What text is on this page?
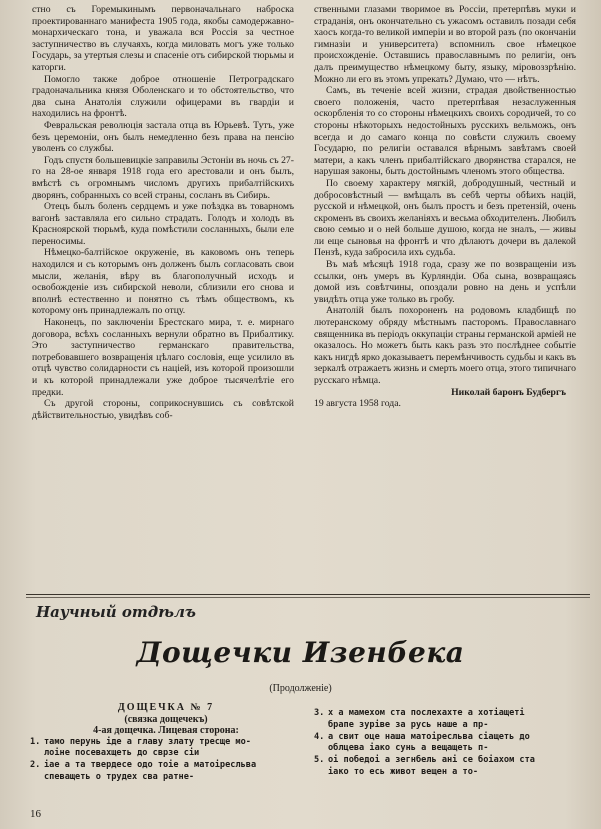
стно съ Горемыкинымъ первоначальнаго наброска проектированнаго манифеста 1905 года, якобы самодержавно-монархическаго тона, и уважала вся Россія за честное заступничество въ случаяхъ, когда миловать могъ уже только Государь, за утертыя слезы и спасеніе отъ сибирской тюрьмы и каторги.

Помогло также доброе отношеніе Петроградскаго градоначальника князя Оболенскаго и то обстоятельство, что два сына Анатолія служили офицерами въ гвардіи и находились на фронтѣ.

Февральская революція застала отца въ Юрьевѣ. Тутъ, уже безъ церемоніи, онъ былъ немедленно безъ права на пенсію уволенъ со службы.

Годъ спустя большевицкіе заправилы Эстоніи въ ночь съ 27-го на 28-ое января 1918 года его арестовали и онъ былъ, вмѣстѣ съ огромнымъ числомъ другихъ прибалтійскихъ дворянъ, собранныхъ со всей страны, сосланъ въ Сибирь.

Отецъ былъ боленъ сердцемъ и уже поѣздка въ товарномъ вагонѣ заставляла его сильно страдать. Голодъ и холодъ въ Красноярской тюрьмѣ, куда помѣстили сосланныхъ, были еле переносимы.

Нѣмецко-балтійское окруженіе, въ каковомъ онъ теперь находился и съ которымъ онъ долженъ былъ согласовать свои мысли, желанія, вѣру въ благополучный исходъ и освобожденіе изъ сибирской неволи, сблизили его снова и вполнѣ естественно и понятно съ тѣмъ обществомъ, къ которому онъ принадлежалъ по отцу.

Наконецъ, по заключеніи Брестскаго мира, т. е. мирнаго договора, всѣхъ сосланныхъ вернули обратно въ Прибалтику. Это заступничество германскаго правительства, потребовавшего возвращенія цѣлаго сословія, еще усилило въ отцѣ чувство солидарности съ націей, изъ которой произошли и къ которой принадлежали уже доброе тысячелѣтіе его предки.

Съ другой стороны, соприкоснувшись съ совѣтской дѣйствительностью, увидѣвъ соб-

ственными глазами творимое въ Россіи, претерпѣвъ муки и страданія, онъ окончательно съ ужасомъ оставилъ позади себя хаосъ когда-то великой имперіи и во второй разъ (по окончаніи гимназіи и университета) вспомнилъ свое нѣмецкое происхожденіе. Оставшись православнымъ по религіи, онъ далъ преимущество нѣмецкому быту, языку, міровоззрѣнію. Можно ли его въ этомъ упрекать? Думаю, что — нѣтъ.

Самъ, въ теченіе всей жизни, страдая двойственностью своего положенія, часто претерпѣвая незаслуженныя оскорбленія то со стороны нѣмецкихъ своихъ сородичей, то со стороны нѣкоторыхъ недостойныхъ русскихъ вельможъ, онъ всегда и до самаго конца по совѣсти служилъ своему Государю, по религіи оставался вѣрнымъ завѣтамъ своей матери, а какъ членъ прибалтійскаго дворянства старался, не нарушая законы, быть достойнымъ членомъ этого общества.

По своему характеру мягкій, добродушный, честный и добросовѣстный — вмѣщалъ въ себѣ черты обѣихъ націй, русской и нѣмецкой, онъ былъ простъ и безъ претензій, очень скроменъ въ своихъ желаніяхъ и весьма обходителенъ. Любилъ свою семью и о ней больше душою, когда не зналъ, — живы ли еще сыновья на фронтѣ и что дѣлаютъ дочери въ далекой Пензѣ, куда забросила ихъ судьба.

Въ маѣ мѣсяцѣ 1918 года, сразу же по возвращеніи изъ ссылки, онъ умеръ въ Курляндіи. Оба сына, возвращаясь домой изъ совѣтчины, опоздали ровно на день и успѣли увидѣть отца уже только въ гробу.

Анатолій былъ похороненъ на родовомъ кладбищѣ по лютеранскому обряду мѣстнымъ пасторомъ. Православнаго священника въ періодъ оккупаціи страны германской арміей не оказалось. Но можетъ быть какъ разъ это послѣднее событіе какъ нигдѣ ярко доказываетъ перемѣнчивость судьбы и какъ въ зеркалѣ отражаетъ жизнь и смерть моего отца, этого типичнаго русскаго нѣмца.

Николай баронъ Будбергъ

19 августа 1958 года.

Научный отдѣлъ
Дощечки Изенбека
(Продолженіе)
ДОЩЕЧКА № 7
(связка дощечекъ)
4-ая дощечка. Лицевая сторона:

1. тамо перунь іде а главу злату тресще мо-

лоіне посевахщеть до сврзе сіи

2. іае а та твердесе одо тоіе а матоіресльва

спеващеть о трудех сва ратне-

3. х а мамехом ста послехахте а хотіащеті

брапе зуріве за русь наше а пр-

4. а свит оце наша матоіресльва сіащеть до

облцева іако сунь а вещащеть п-

5. оі победоі а зегнбель ані се боіахом ста

іако то есь живот вещен а то-

16
